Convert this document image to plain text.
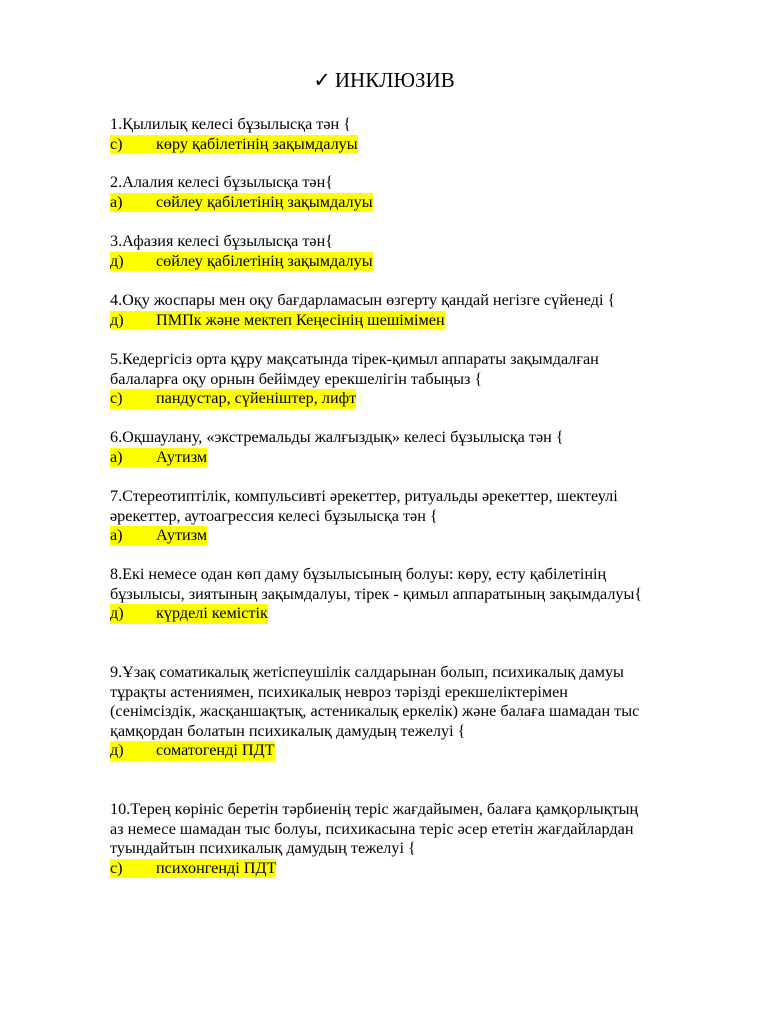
✓ ИНКЛЮЗИВ
1.Қылилық келесі бұзылысқа тән {
с) көру қабілетінің зақымдалуы
2.Алалия келесі бұзылысқа тән{
а) сөйлеу қабілетінің зақымдалуы
3.Афазия келесі бұзылысқа тән{
д) сөйлеу қабілетінің зақымдалуы
4.Оқу жоспары мен оқу бағдарламасын өзгерту қандай негізге сүйенеді {
д) ПМПк және мектеп Кеңесінің шешімімен
5.Кедергісіз орта құру мақсатында тірек-қимыл аппараты зақымдалған
балаларға оқу орнын бейімдеу ерекшелігін табыңыз {
с) пандустар, сүйеніштер, лифт
6.Оқшаулану, «экстремальды жалғыздық» келесі бұзылысқа тән {
а) Аутизм
7.Стереотиптілік, компульсивті әрекеттер, ритуальды әрекеттер, шектеулі
әрекеттер, аутоагрессия келесі бұзылысқа тән {
а) Аутизм
8.Екі немесе одан көп даму бұзылысының болуы: көру, есту қабілетінің
бұзылысы, зиятының зақымдалуы, тірек - қимыл аппаратының зақымдалуы{
д) күрделі кемістік
9.Ұзақ соматикалық жетіспеушілік салдарынан болып, психикалық дамуы
тұрақты астениямен, психикалық невроз тәрізді ерекшеліктерімен
(сенімсіздік, жасқаншақтық, астеникалық еркелік) және балаға шамадан тыс
қамқордан болатын психикалық дамудың тежелуі {
д) соматогенді ПДТ
10.Терең көрініс беретін тәрбиенің теріс жағдайымен, балаға қамқорлықтың
аз немесе шамадан тыс болуы, психикасына теріс әсер ететін жағдайлардан
туындайтын психикалық дамудың тежелуі {
с) психонгенді ПДТ
